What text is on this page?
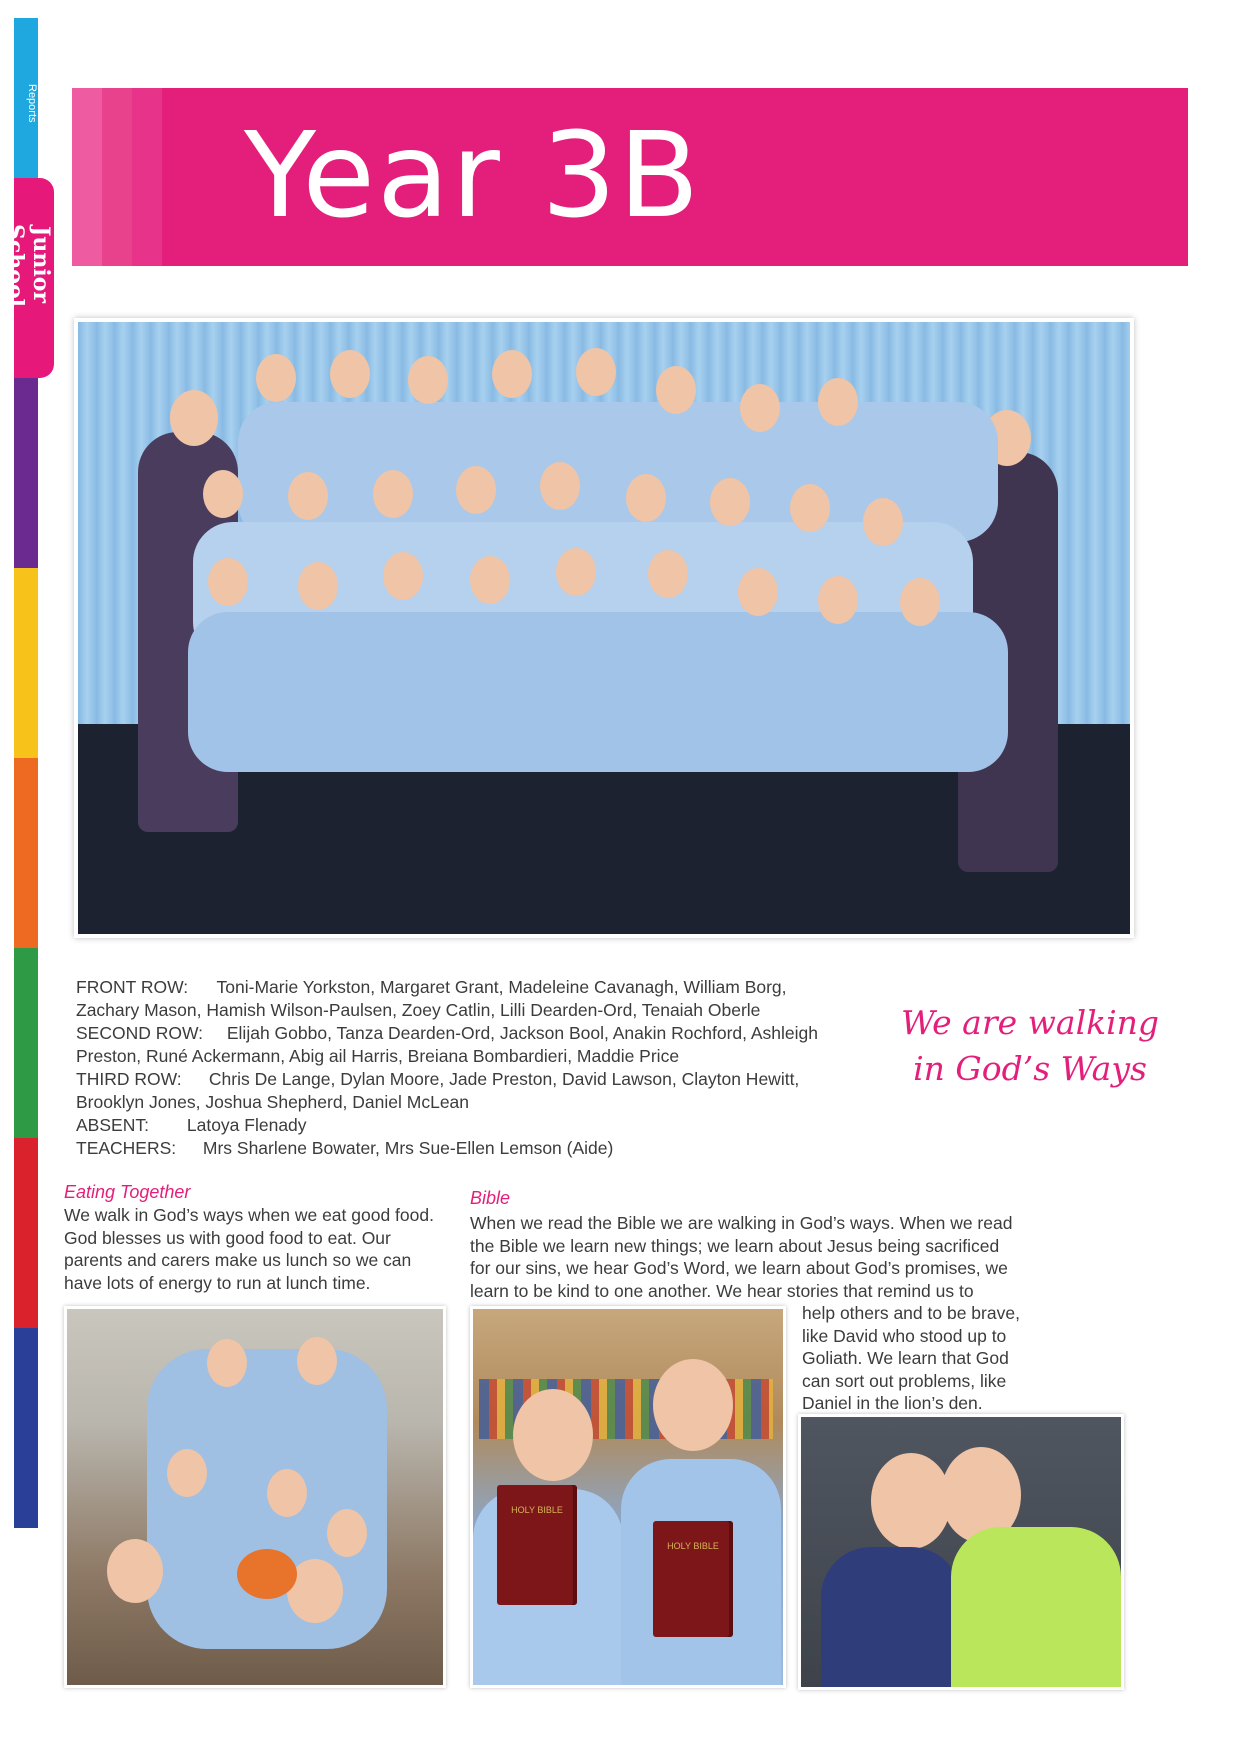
Reports
Junior School
Year 3B

FRONT ROW: Toni-Marie Yorkston, Margaret Grant, Madeleine Cavanagh, William Borg,

Zachary Mason, Hamish Wilson-Paulsen, Zoey Catlin, Lilli Dearden-Ord, Tenaiah Oberle

SECOND ROW: Elijah Gobbo, Tanza Dearden-Ord, Jackson Bool, Anakin Rochford, Ashleigh

Preston, Runé Ackermann, Abig ail Harris, Breiana Bombardieri, Maddie Price

THIRD ROW: Chris De Lange, Dylan Moore, Jade Preston, David Lawson, Clayton Hewitt,

Brooklyn Jones, Joshua Shepherd, Daniel McLean

ABSENT: Latoya Flenady

TEACHERS: Mrs Sharlene Bowater, Mrs Sue-Ellen Lemson (Aide)

We are walking
in God’s Ways
Eating Together
We walk in God’s ways when we eat good food.
God blesses us with good food to eat. Our
parents and carers make us lunch so we can
have lots of energy to run at lunch time.
Bible
When we read the Bible we are walking in God’s ways. When we read
the Bible we learn new things; we learn about Jesus being sacrificed
for our sins, we hear God’s Word, we learn about God’s promises, we
learn to be kind to one another. We hear stories that remind us to
help others and to be brave,
like David who stood up to
Goliath. We learn that God
can sort out problems, like
Daniel in the lion’s den.
HOLY BIBLE
HOLY BIBLE
